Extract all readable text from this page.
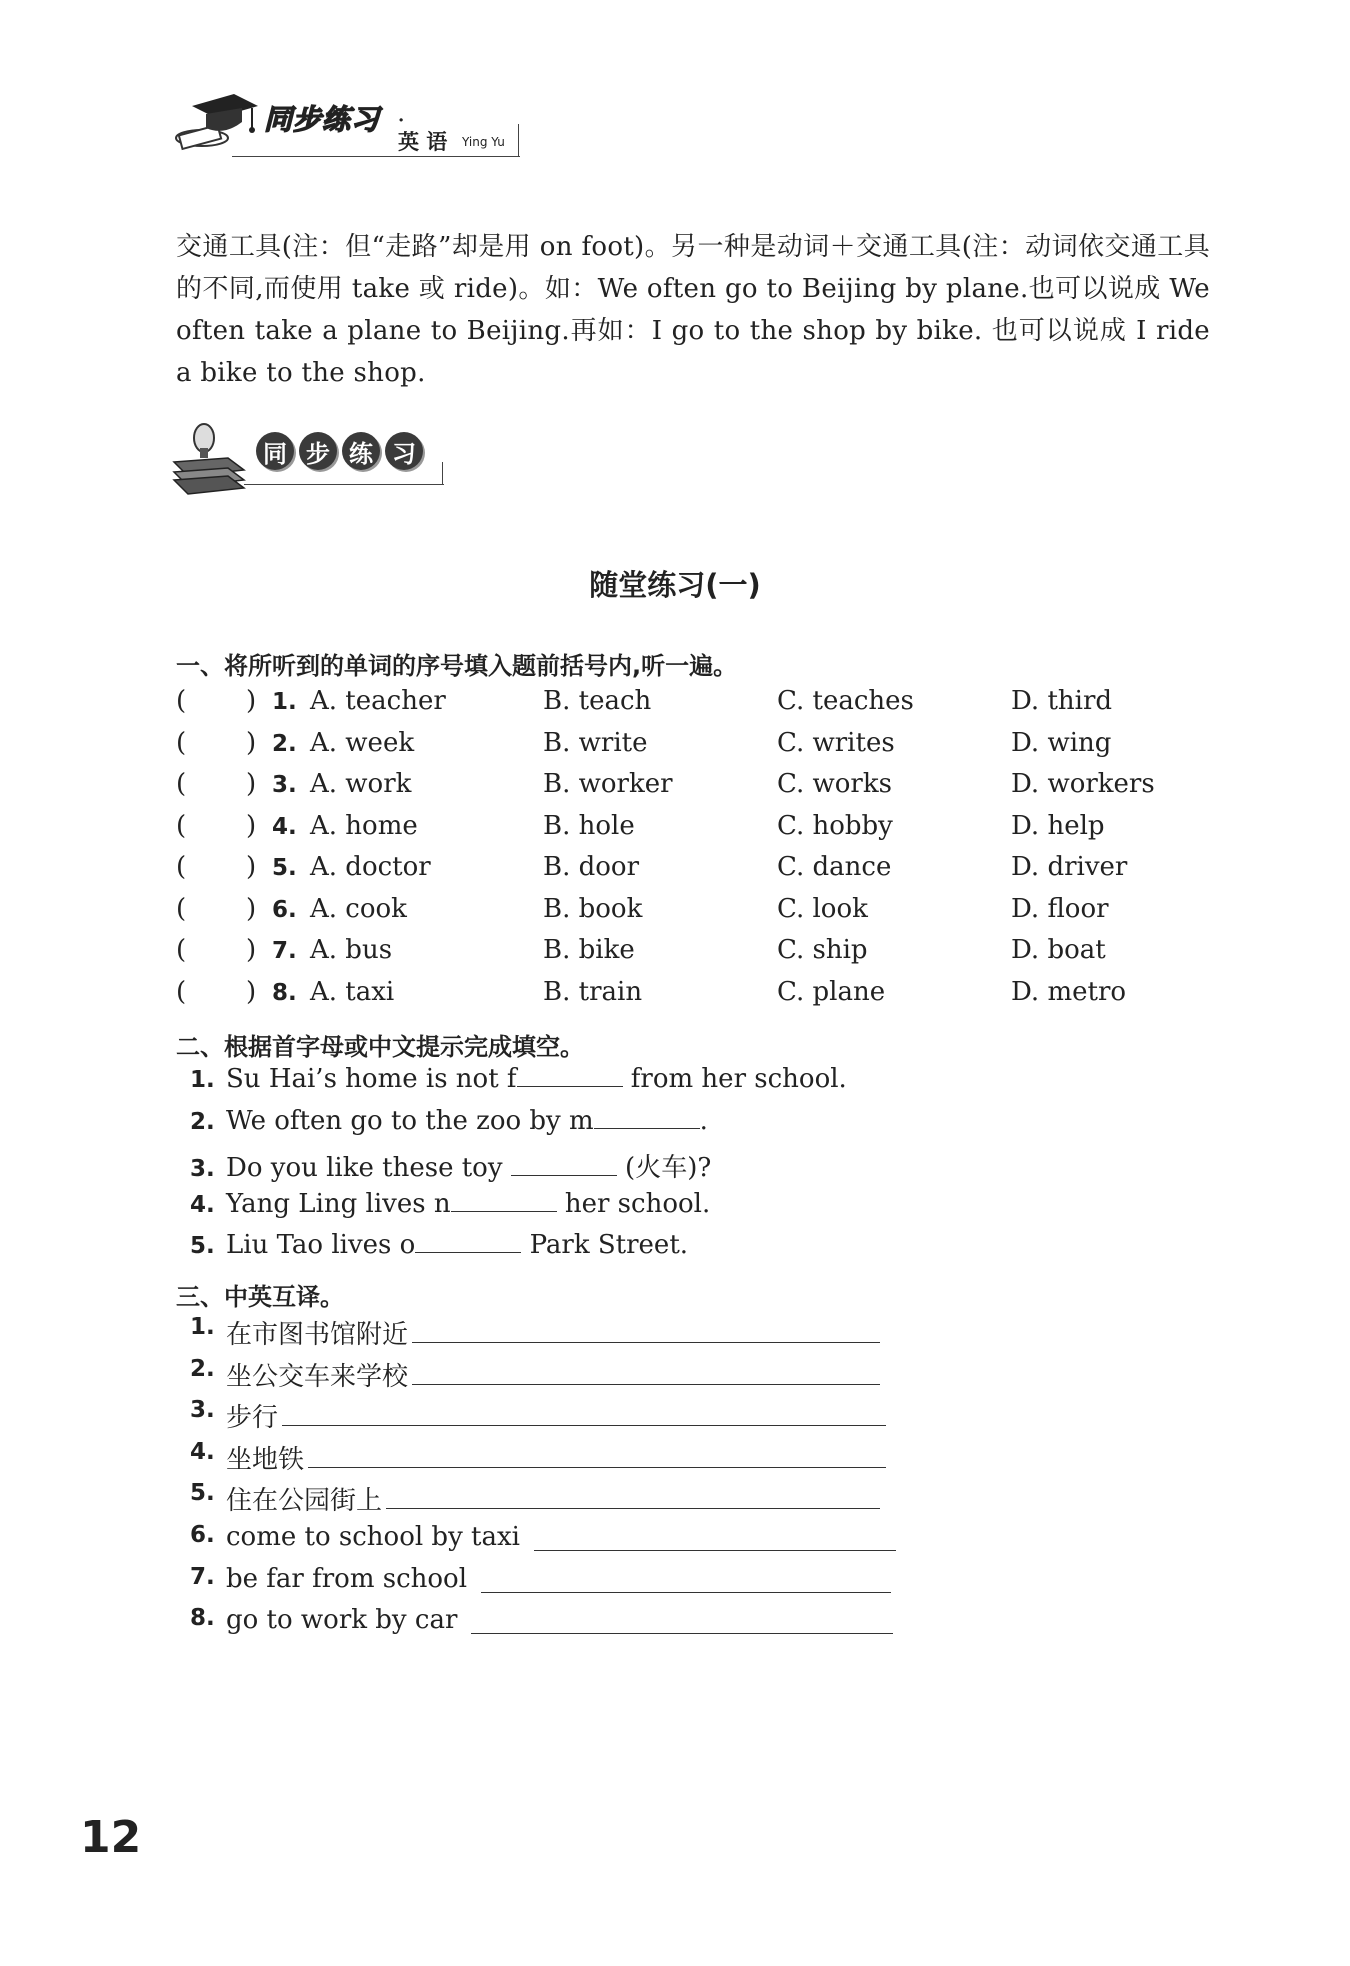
同步练习 ·
英 语 Ying Yu
交通工具(注：但“走路”却是用 on foot)。另一种是动词＋交通工具(注：动词依交通工具的不同,而使用 take 或 ride)。如：We often go to Beijing by plane.也可以说成 We often take a plane to Beijing.再如：I go to the shop by bike. 也可以说成 I ride a bike to the shop.
同 步 练 习
随堂练习(一)
一、将所听到的单词的序号填入题前括号内,听一遍。
( ) 1. A. teacher	B. teach	C. teaches	D. third
( ) 2. A. week	B. write	C. writes	D. wing
( ) 3. A. work	B. worker	C. works	D. workers
( ) 4. A. home	B. hole	C. hobby	D. help
( ) 5. A. doctor	B. door	C. dance	D. driver
( ) 6. A. cook	B. book	C. look	D. floor
( ) 7. A. bus	B. bike	C. ship	D. boat
( ) 8. A. taxi	B. train	C. plane	D. metro
二、根据首字母或中文提示完成填空。
1. Su Hai’s home is not f	from her school.
2. We often go to the zoo by m	.
3. Do you like these toy	(火车)?
4. Yang Ling lives n	her school.
5. Liu Tao lives o	Park Street.
三、中英互译。
1. 在市图书馆附近
2. 坐公交车来学校
3. 步行
4. 坐地铁
5. 住在公园街上
6. come to school by taxi
7. be far from school
8. go to work by car
12
